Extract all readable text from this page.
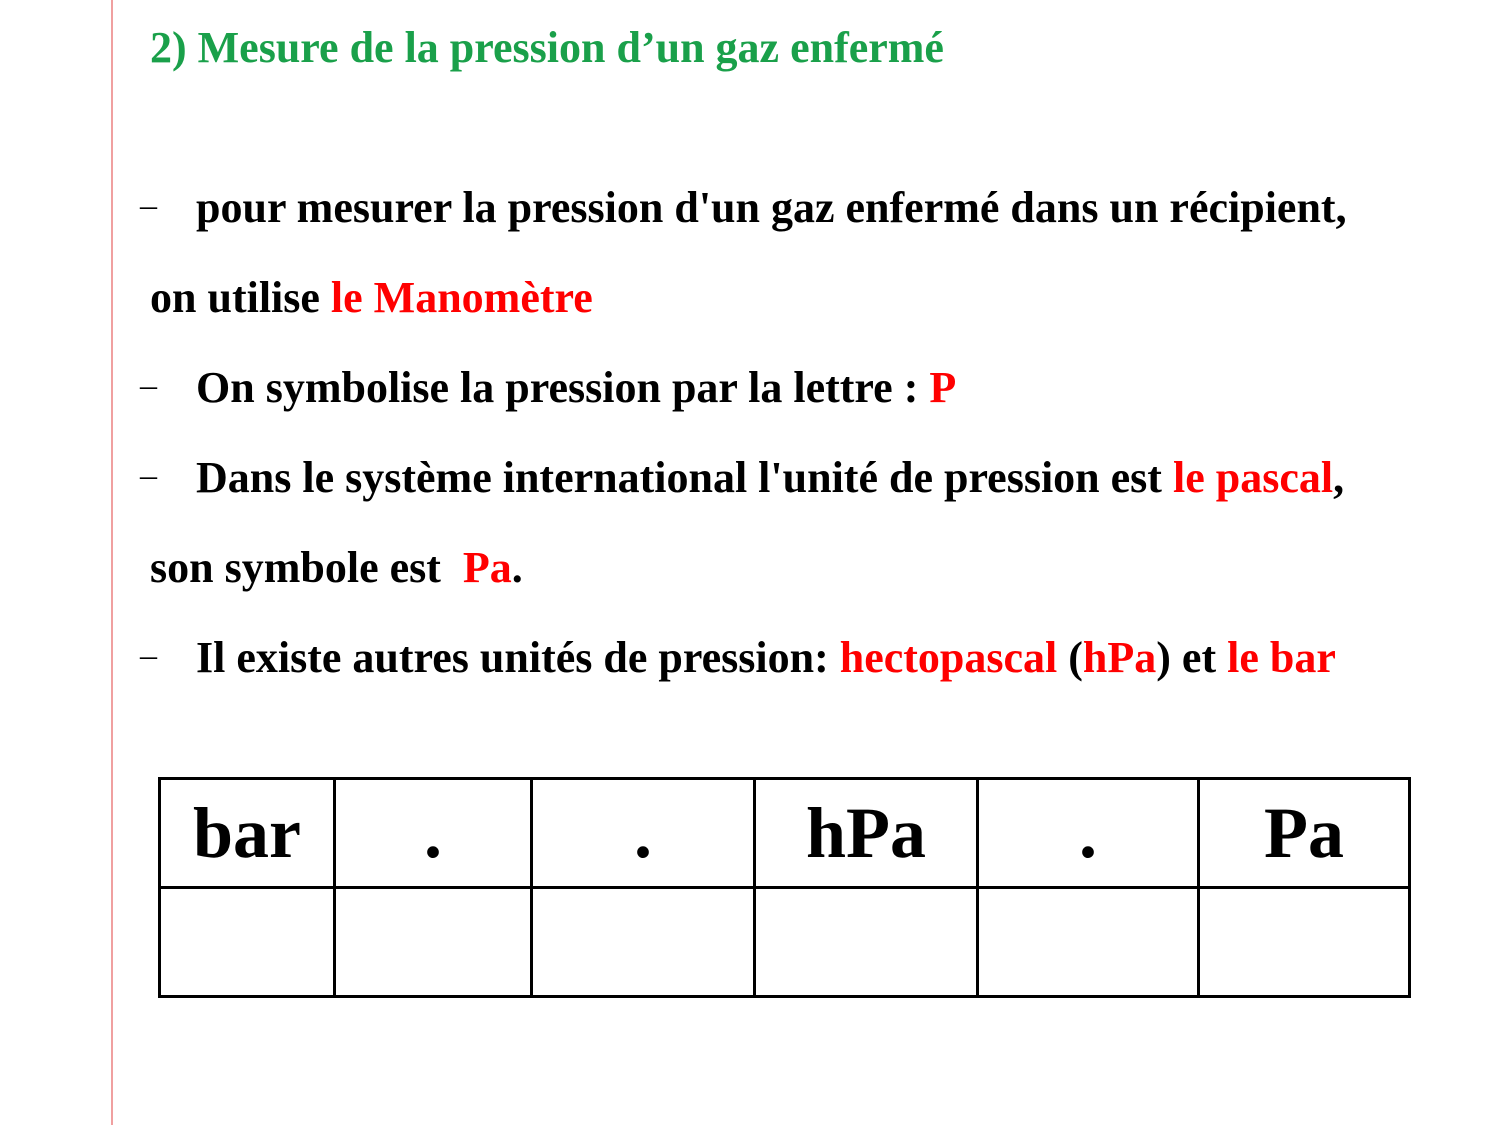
2) Mesure de la pression d’un gaz enfermé
– pour mesurer la pression d'un gaz enfermé dans un récipient,
on utilise le Manomètre
– On symbolise la pression par la lettre : P
– Dans le système international l'unité de pression est le pascal,
son symbole est  Pa.
– Il existe autres unités de pression: hectopascal (hPa) et le bar
bar	.	.	hPa	.	Pa
